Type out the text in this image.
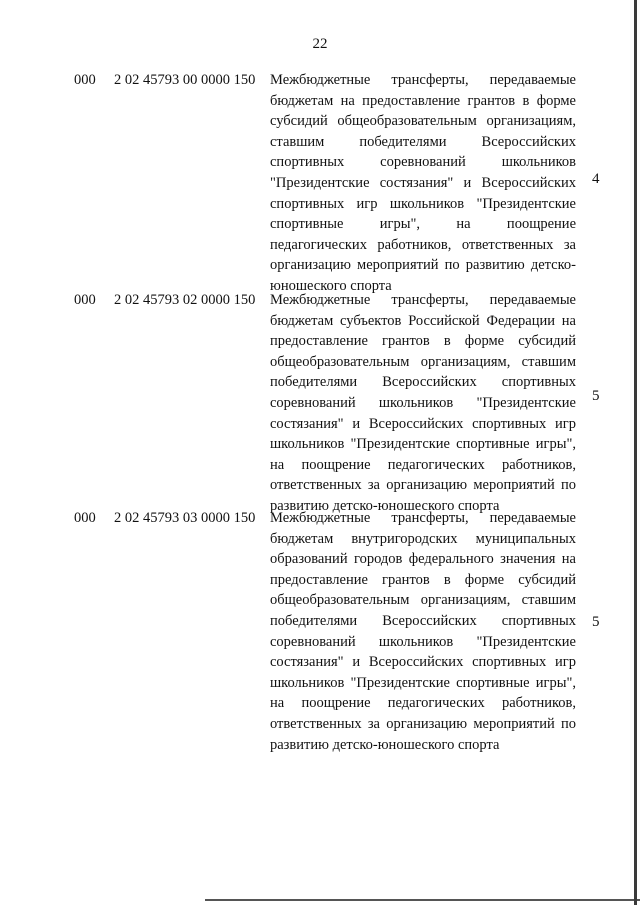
22
000 2 02 45793 00 0000 150 Межбюджетные трансферты, передаваемые бюджетам на предоставление грантов в форме субсидий общеобразовательным организациям, ставшим победителями Всероссийских спортивных соревнований школьников "Президентские состязания" и Всероссийских спортивных игр школьников "Президентские спортивные игры", на поощрение педагогических работников, ответственных за организацию мероприятий по развитию детско-юношеского спорта
4
000 2 02 45793 02 0000 150 Межбюджетные трансферты, передаваемые бюджетам субъектов Российской Федерации на предоставление грантов в форме субсидий общеобразовательным организациям, ставшим победителями Всероссийских спортивных соревнований школьников "Президентские состязания" и Всероссийских спортивных игр школьников "Президентские спортивные игры", на поощрение педагогических работников, ответственных за организацию мероприятий по развитию детско-юношеского спорта
5
000 2 02 45793 03 0000 150 Межбюджетные трансферты, передаваемые бюджетам внутригородских муниципальных образований городов федерального значения на предоставление грантов в форме субсидий общеобразовательным организациям, ставшим победителями Всероссийских спортивных соревнований школьников "Президентские состязания" и Всероссийских спортивных игр школьников "Президентские спортивные игры", на поощрение педагогических работников, ответственных за организацию мероприятий по развитию детско-юношеского спорта
5
